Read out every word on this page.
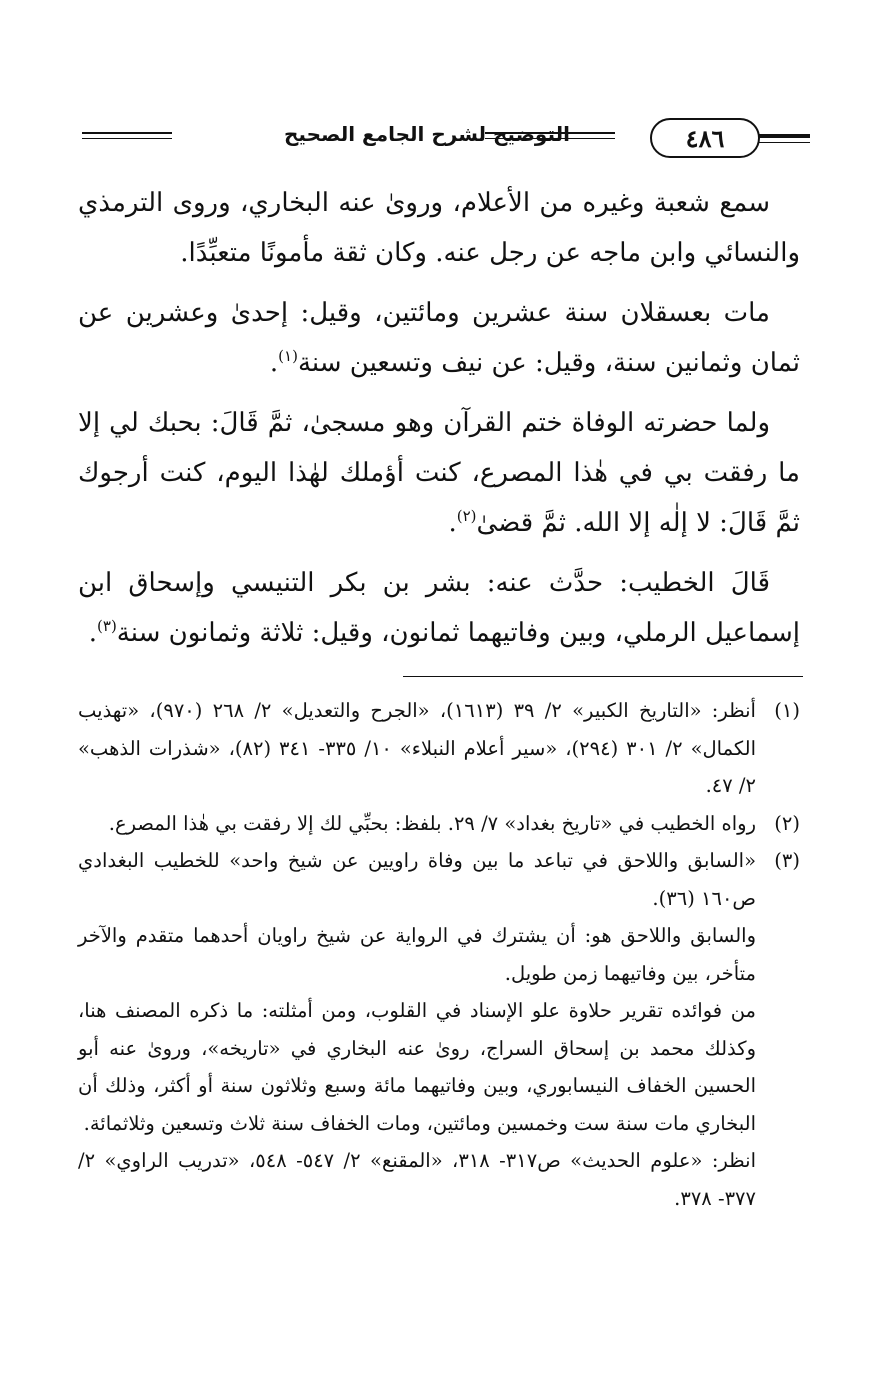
٤٨٦
التوضيح لشرح الجامع الصحيح

سمع شعبة وغيره من الأعلام، ورویٰ عنه البخاري، وروى الترمذي والنسائي وابن ماجه عن رجل عنه. وكان ثقة مأمونًا متعبِّدًا.

مات بعسقلان سنة عشرين ومائتين، وقيل: إحدىٰ وعشرين عن ثمان وثمانين سنة، وقيل: عن نيف وتسعين سنة$^{(١)}$.

ولما حضرته الوفاة ختم القرآن وهو مسجىٰ، ثمَّ قَالَ: بحبك لي إلا ما رفقت بي في هٰذا المصرع، كنت أؤملك لهٰذا اليوم، كنت أرجوك ثمَّ قَالَ: لا إلٰه إلا الله. ثمَّ قضىٰ$^{(٢)}$.

قَالَ الخطيب: حدَّث عنه: بشر بن بكر التنيسي وإسحاق ابن إسماعيل الرملي، وبين وفاتيهما ثمانون، وقيل: ثلاثة وثمانون سنة$^{(٣)}$.

(١)

أنظر: «التاريخ الكبير» ٢/ ٣٩ (١٦١٣)، «الجرح والتعديل» ٢/ ٢٦٨ (٩٧٠)، «تهذيب الكمال» ٢/ ٣٠١ (٢٩٤)، «سير أعلام النبلاء» ١٠/ ٣٣٥- ٣٤١ (٨٢)، «شذرات الذهب» ٢/ ٤٧.

(٢)

رواه الخطيب في «تاريخ بغداد» ٧/ ٢٩. بلفظ: بحبِّي لك إلا رفقت بي هٰذا المصرع.

(٣)

«السابق واللاحق في تباعد ما بين وفاة راويين عن شيخ واحد» للخطيب البغدادي ص١٦٠ (٣٦).

والسابق واللاحق هو: أن يشترك في الرواية عن شيخ راويان أحدهما متقدم والآخر متأخر، بين وفاتيهما زمن طويل.

من فوائده تقرير حلاوة علو الإسناد في القلوب، ومن أمثلته: ما ذكره المصنف هنا، وكذلك محمد بن إسحاق السراج، روىٰ عنه البخاري في «تاريخه»، وروىٰ عنه أبو الحسين الخفاف النيسابوري، وبين وفاتيهما مائة وسبع وثلاثون سنة أو أكثر، وذلك أن البخاري مات سنة ست وخمسين ومائتين، ومات الخفاف سنة ثلاث وتسعين وثلاثمائة.

انظر: «علوم الحديث» ص٣١٧- ٣١٨، «المقنع» ٢/ ٥٤٧- ٥٤٨، «تدريب الراوي» ٢/ ٣٧٧- ٣٧٨.
